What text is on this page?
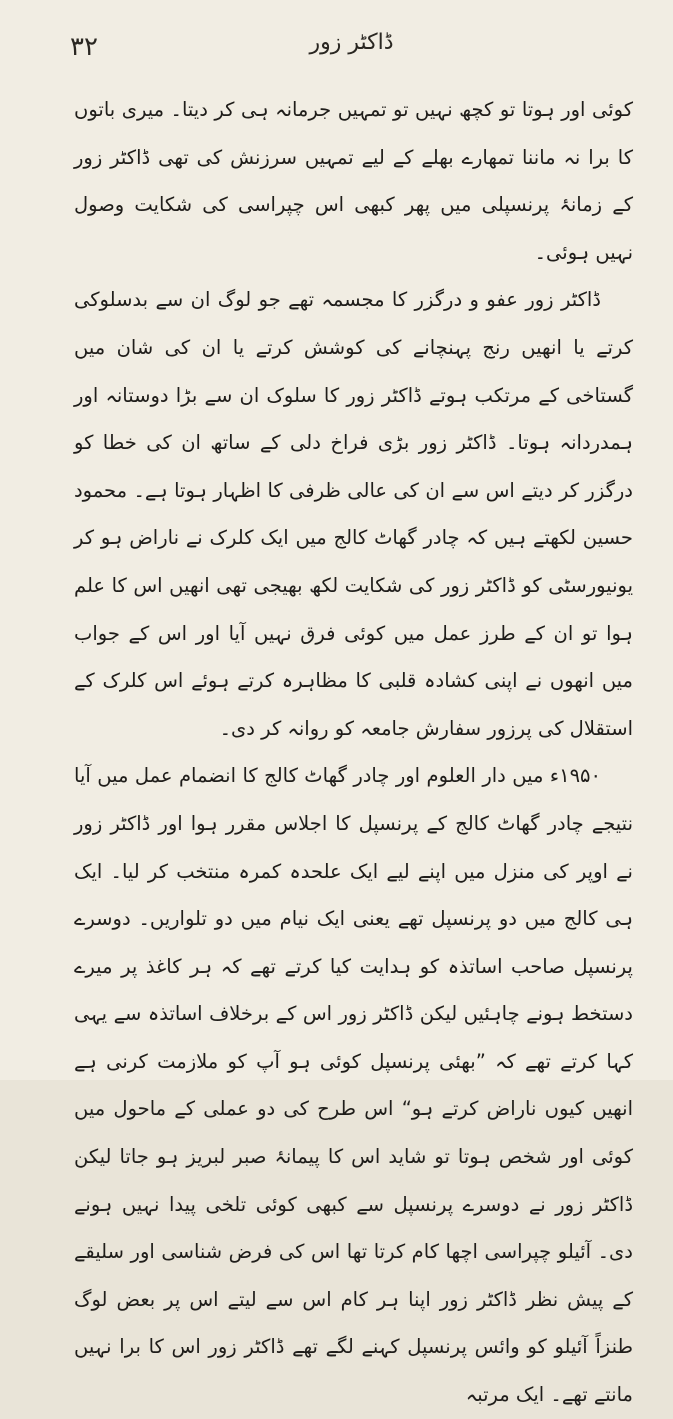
۳۲	ڈاکٹر زور

کوئی اور ہوتا تو کچھ نہیں تو تمہیں جرمانہ ہی کر دیتا۔ میری باتوں کا برا نہ ماننا تمھارے بھلے کے لیے تمہیں سرزنش کی تھی ڈاکٹر زور کے زمانۂ پرنسپلی میں پھر کبھی اس چپراسی کی شکایت وصول نہیں ہوئی۔

ڈاکٹر زور عفو و درگزر کا مجسمہ تھے جو لوگ ان سے بدسلوکی کرتے یا انھیں رنج پہنچانے کی کوشش کرتے یا ان کی شان میں گستاخی کے مرتکب ہوتے ڈاکٹر زور کا سلوک ان سے بڑا دوستانہ اور ہمدردانہ ہوتا۔ ڈاکٹر زور بڑی فراخ دلی کے ساتھ ان کی خطا کو درگزر کر دیتے اس سے ان کی عالی ظرفی کا اظہار ہوتا ہے۔ محمود حسین لکھتے ہیں کہ چادر گھاٹ کالج میں ایک کلرک نے ناراض ہو کر یونیورسٹی کو ڈاکٹر زور کی شکایت لکھ بھیجی تھی انھیں اس کا علم ہوا تو ان کے طرز عمل میں کوئی فرق نہیں آیا اور اس کے جواب میں انھوں نے اپنی کشادہ قلبی کا مظاہرہ کرتے ہوئے اس کلرک کے استقلال کی پرزور سفارش جامعہ کو روانہ کر دی۔

۱۹۵۰ء میں دار العلوم اور چادر گھاٹ کالج کا انضمام عمل میں آیا نتیجے چادر گھاٹ کالج کے پرنسپل کا اجلاس مقرر ہوا اور ڈاکٹر زور نے اوپر کی منزل میں اپنے لیے ایک علحدہ کمرہ منتخب کر لیا۔ ایک ہی کالج میں دو پرنسپل تھے یعنی ایک نیام میں دو تلواریں۔ دوسرے پرنسپل صاحب اساتذہ کو ہدایت کیا کرتے تھے کہ ہر کاغذ پر میرے دستخط ہونے چاہئیں لیکن ڈاکٹر زور اس کے برخلاف اساتذہ سے یہی کہا کرتے تھے کہ ”بھئی پرنسپل کوئی ہو آپ کو ملازمت کرنی ہے انھیں کیوں ناراض کرتے ہو“ اس طرح کی دو عملی کے ماحول میں کوئی اور شخص ہوتا تو شاید اس کا پیمانۂ صبر لبریز ہو جاتا لیکن ڈاکٹر زور نے دوسرے پرنسپل سے کبھی کوئی تلخی پیدا نہیں ہونے دی۔ آئیلو چپراسی اچھا کام کرتا تھا اس کی فرض شناسی اور سلیقے کے پیش نظر ڈاکٹر زور اپنا ہر کام اس سے لیتے اس پر بعض لوگ طنزاً آئیلو کو وائس پرنسپل کہنے لگے تھے ڈاکٹر زور اس کا برا نہیں مانتے تھے۔ ایک مرتبہ
